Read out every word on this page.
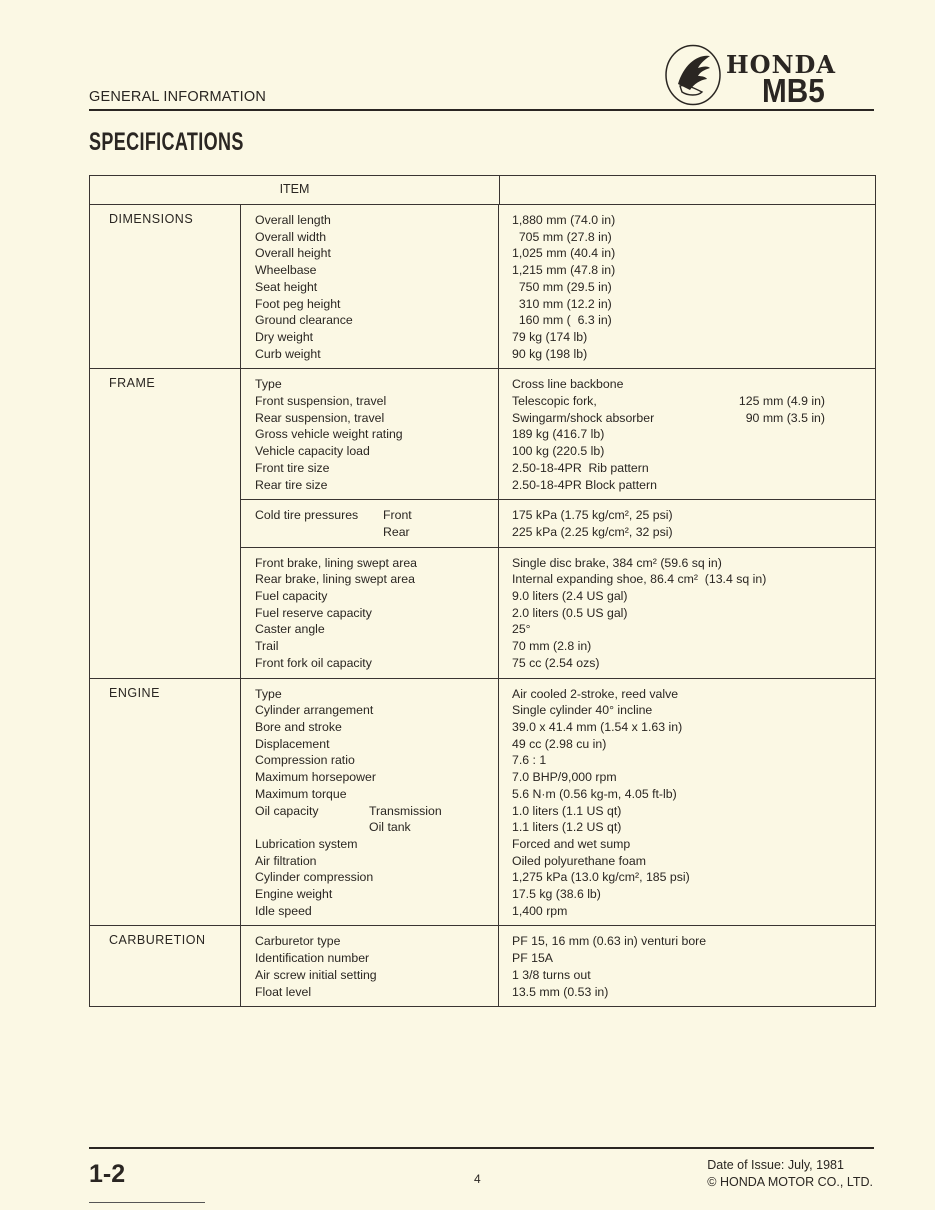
GENERAL INFORMATION
HONDA
MB5
SPECIFICATIONS
ITEM
DIMENSIONS	Overall length	1,880 mm (74.0 in)
Overall width	705 mm (27.8 in)
Overall height	1,025 mm (40.4 in)
Wheelbase	1,215 mm (47.8 in)
Seat height	750 mm (29.5 in)
Foot peg height	310 mm (12.2 in)
Ground clearance	160 mm (  6.3 in)
Dry weight	79 kg (174 lb)
Curb weight	90 kg (198 lb)
FRAME	Type	Cross line backbone
Front suspension, travel	Telescopic fork,	125 mm (4.9 in)
Rear suspension, travel	Swingarm/shock absorber	90 mm (3.5 in)
Gross vehicle weight rating	189 kg (416.7 lb)
Vehicle capacity load	100 kg (220.5 lb)
Front tire size	2.50-18-4PR  Rib pattern
Rear tire size	2.50-18-4PR Block pattern
Cold tire pressures Front	175 kPa (1.75 kg/cm², 25 psi)
Rear	225 kPa (2.25 kg/cm², 32 psi)
Front brake, lining swept area	Single disc brake, 384 cm² (59.6 sq in)
Rear brake, lining swept area	Internal expanding shoe, 86.4 cm²  (13.4 sq in)
Fuel capacity	9.0 liters (2.4 US gal)
Fuel reserve capacity	2.0 liters (0.5 US gal)
Caster angle	25°
Trail	70 mm (2.8 in)
Front fork oil capacity	75 cc (2.54 ozs)
ENGINE	Type	Air cooled 2-stroke, reed valve
Cylinder arrangement	Single cylinder 40° incline
Bore and stroke	39.0 x 41.4 mm (1.54 x 1.63 in)
Displacement	49 cc (2.98 cu in)
Compression ratio	7.6 : 1
Maximum horsepower	7.0 BHP/9,000 rpm
Maximum torque	5.6 N·m (0.56 kg-m, 4.05 ft-lb)
Oil capacity	Transmission	1.0 liters (1.1 US qt)
Oil tank	1.1 liters (1.2 US qt)
Lubrication system	Forced and wet sump
Air filtration	Oiled polyurethane foam
Cylinder compression	1,275 kPa (13.0 kg/cm², 185 psi)
Engine weight	17.5 kg (38.6 lb)
Idle speed	1,400 rpm
CARBURETION	Carburetor type	PF 15, 16 mm (0.63 in) venturi bore
Identification number	PF 15A
Air screw initial setting	1 3/8 turns out
Float level	13.5 mm (0.53 in)
1-2	4
Date of Issue: July, 1981
© HONDA MOTOR CO., LTD.
